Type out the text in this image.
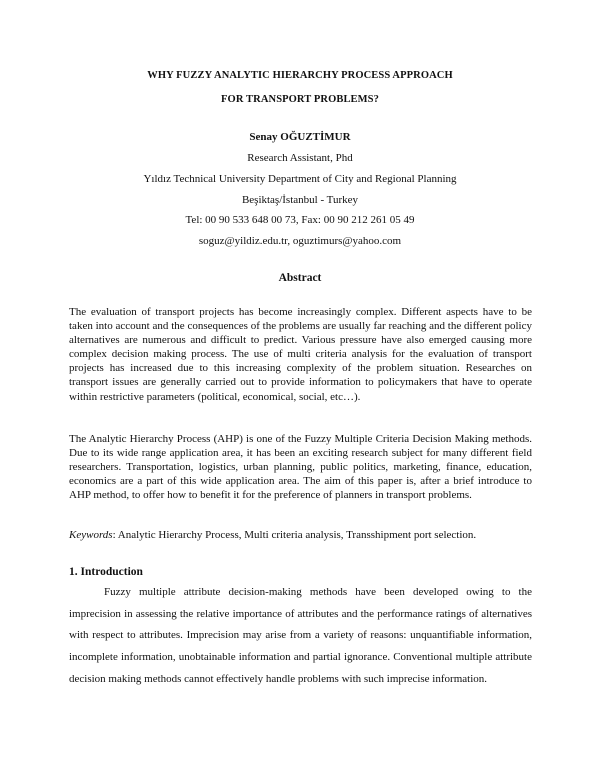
WHY FUZZY ANALYTIC HIERARCHY PROCESS APPROACH
FOR TRANSPORT PROBLEMS?
Senay OĞUZTİMUR
Research Assistant, Phd
Yıldız Technical University Department of City and Regional Planning
Beşiktaş/İstanbul - Turkey
Tel: 00 90 533 648 00 73, Fax: 00 90 212 261 05 49
soguz@yildiz.edu.tr, oguztimurs@yahoo.com
Abstract
The evaluation of transport projects has become increasingly complex. Different aspects have to be taken into account and the consequences of the problems are usually far reaching and the different policy alternatives are numerous and difficult to predict. Various pressure have also emerged causing more complex decision making process. The use of multi criteria analysis for the evaluation of transport projects has increased due to this increasing complexity of the problem situation. Researches on transport issues are generally carried out to provide information to policymakers that have to operate within restrictive parameters (political, economical, social, etc…).
The Analytic Hierarchy Process (AHP) is one of the Fuzzy Multiple Criteria Decision Making methods. Due to its wide range application area, it has been an exciting research subject for many different field researchers. Transportation, logistics, urban planning, public politics, marketing, finance, education, economics are a part of this wide application area. The aim of this paper is, after a brief introduce to AHP method, to offer how to benefit it for the preference of planners in transport problems.
Keywords: Analytic Hierarchy Process, Multi criteria analysis, Transshipment port selection.
1. Introduction
Fuzzy multiple attribute decision-making methods have been developed owing to the imprecision in assessing the relative importance of attributes and the performance ratings of alternatives with respect to attributes. Imprecision may arise from a variety of reasons: unquantifiable information, incomplete information, unobtainable information and partial ignorance. Conventional multiple attribute decision making methods cannot effectively handle problems with such imprecise information.
